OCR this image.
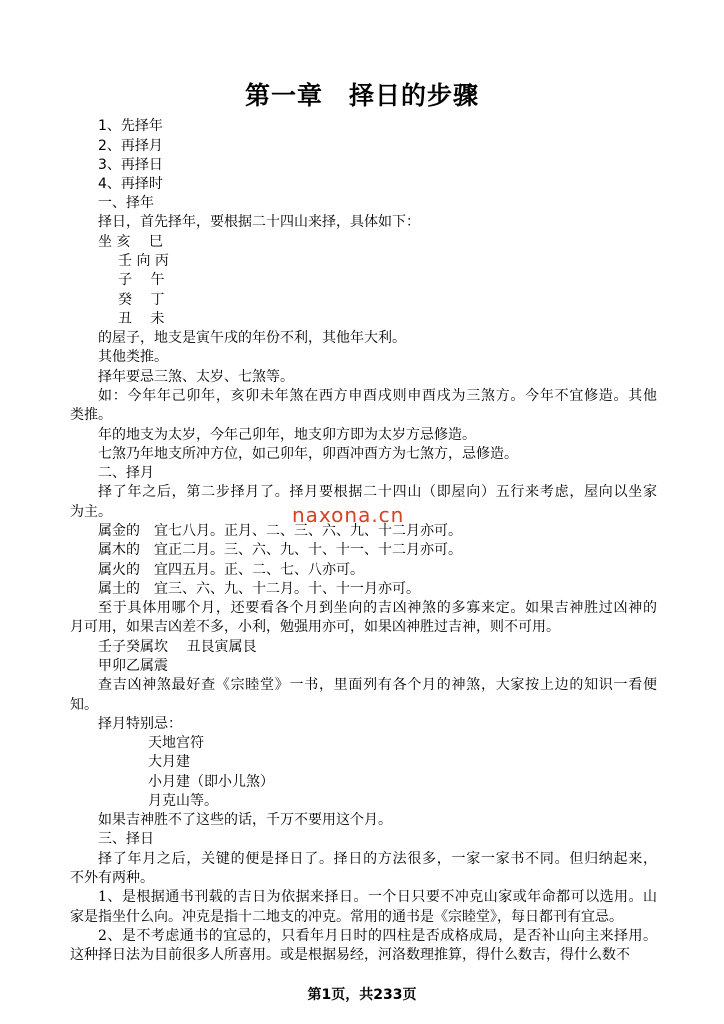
第一章　择日的步骤
1、先择年
2、再择月
3、再择日
4、再择时
一、择年
择日，首先择年，要根据二十四山来择，具体如下：
坐 亥　 巳
壬 向 丙
子　 午
癸　 丁
丑　 未
的屋子，地支是寅午戌的年份不利，其他年大利。
其他类推。
择年要忌三煞、太岁、七煞等。
如：今年年己卯年，亥卯未年煞在西方申酉戌则申酉戌为三煞方。今年不宜修造。其他
类推。
年的地支为太岁，今年己卯年，地支卯方即为太岁方忌修造。
七煞乃年地支所冲方位，如己卯年，卯酉冲酉方为七煞方，忌修造。
二、择月
择了年之后，第二步择月了。择月要根据二十四山（即屋向）五行来考虑，屋向以坐家
为主。
属金的　宜七八月。正月、二、三、六、九、十二月亦可。
属木的　宜正二月。三、六、九、十、十一、十二月亦可。
属火的　宜四五月。正、二、七、八亦可。
属土的　宜三、六、九、十二月。十、十一月亦可。
至于具体用哪个月，还要看各个月到坐向的吉凶神煞的多寡来定。如果吉神胜过凶神的
月可用，如果吉凶差不多，小利，勉强用亦可，如果凶神胜过吉神，则不可用。
壬子癸属坎　 丑艮寅属艮
甲卯乙属震
查吉凶神煞最好查《宗睦堂》一书，里面列有各个月的神煞，大家按上边的知识一看便
知。
择月特别忌：
天地宫符
大月建
小月建（即小儿煞）
月克山等。
如果吉神胜不了这些的话，千万不要用这个月。
三、择日
择了年月之后，关键的便是择日了。择日的方法很多，一家一家书不同。但归纳起来，
不外有两种。
1、是根据通书刊载的吉日为依据来择日。一个日只要不冲克山家或年命都可以选用。山
家是指坐什么向。冲克是指十二地支的冲克。常用的通书是《宗睦堂》，每日都刊有宜忌。
2、是不考虑通书的宜忌的，只看年月日时的四柱是否成格成局，是否补山向主来择用。
这种择日法为目前很多人所喜用。或是根据易经，河洛数理推算，得什么数吉，得什么数不
naxona.cn
第1页，共233页
